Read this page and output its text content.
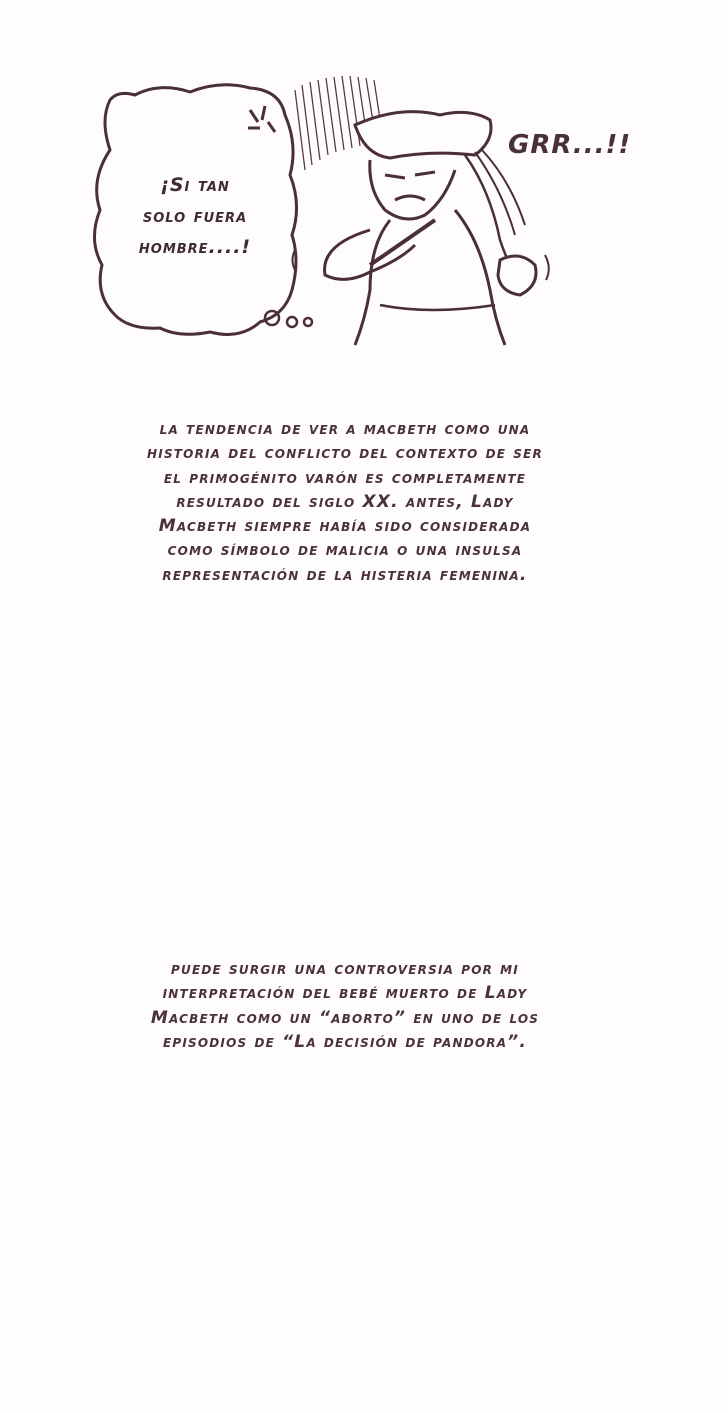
¡Si tan
solo fuera
hombre....!
GRR...!!
la tendencia de ver a macbeth como una
historia del conflicto del contexto de ser
el primogénito varón es completamente
resultado del siglo XX. antes, Lady
Macbeth siempre había sido considerada
como símbolo de malicia o una insulsa
representación de la histeria femenina.
puede surgir una controversia por mi
interpretación del bebé muerto de Lady
Macbeth como un “aborto” en uno de los
episodios de “La decisión de pandora”.
